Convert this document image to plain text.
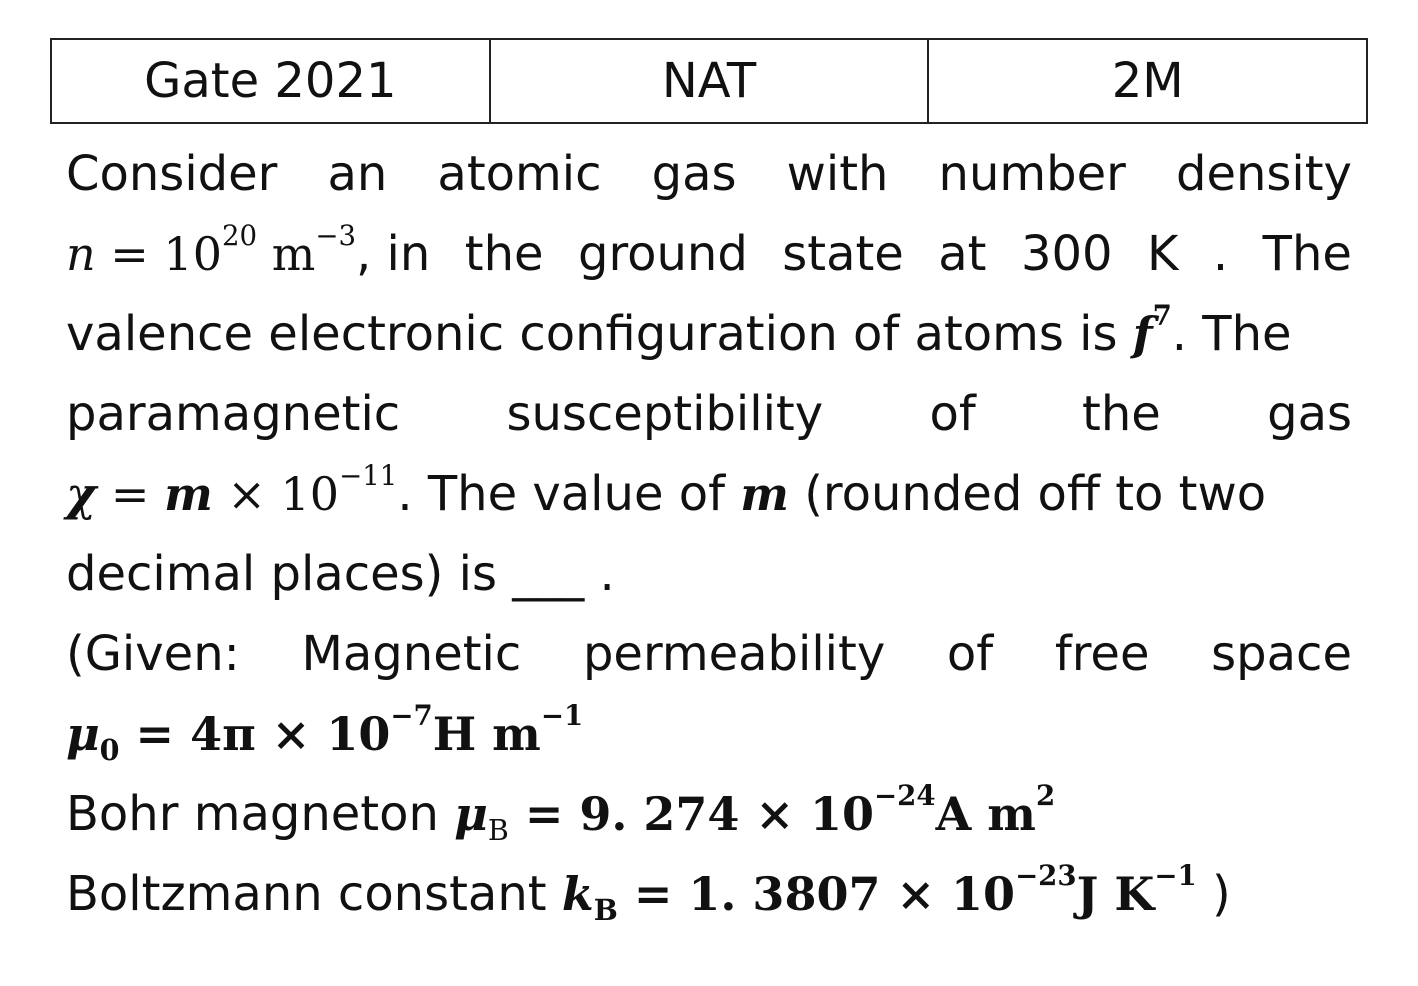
Gate 2021	NAT	2M
Consider an atomic gas with number density
$n = 10^{20}$ $m^{-3}$, in the ground state at 300 K . The
valence electronic configuration of atoms is $f^7$. The
paramagnetic susceptibility of the gas
$\chi = m \times 10^{-11}$. The value of m (rounded off to two
decimal places) is ___ .
(Given: Magnetic permeability of free space
$\mu_0 = 4\pi \times 10^{-7}H$ $m^{-1}$
Bohr magneton $\mu_B = 9$. $274 \times 10^{-24}A$ $m^2$
Boltzmann constant $k_B = 1$. $3807 \times 10^{-23}J$ $K^{-1}$ )
